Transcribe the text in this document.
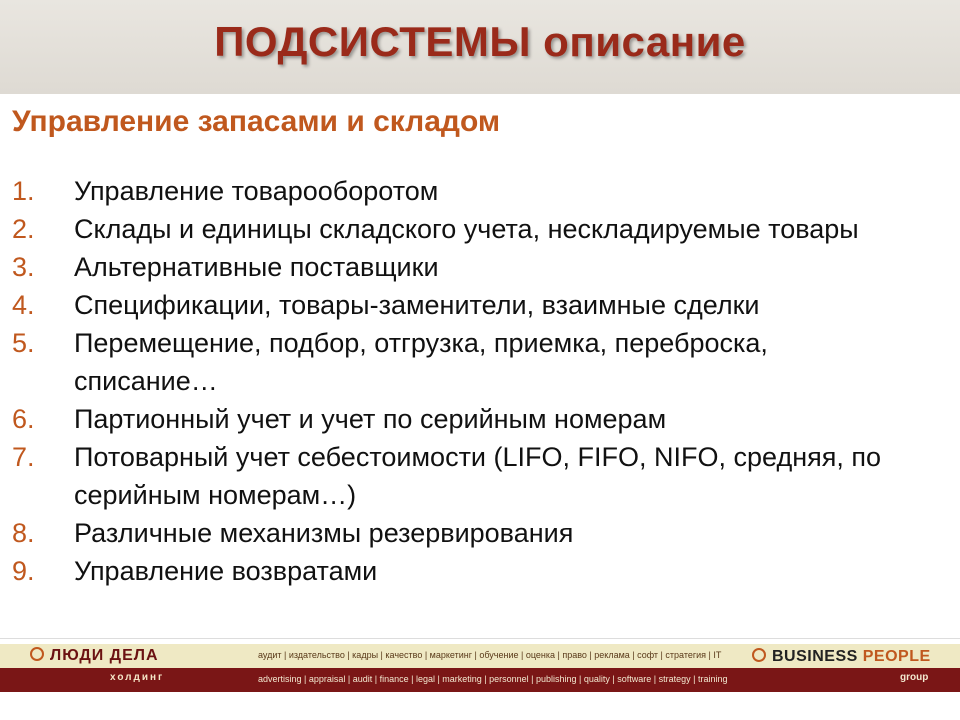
ПОДСИСТЕМЫ описание
Управление запасами и складом
1. Управление товарооборотом
2. Склады и единицы складского учета, нескладируемые товары
3. Альтернативные поставщики
4. Спецификации, товары-заменители, взаимные сделки
5. Перемещение, подбор, отгрузка, приемка, переброска, списание…
6. Партионный учет и учет по серийным номерам
7. Потоварный учет себестоимости (LIFO, FIFO, NIFO, средняя, по серийным номерам…)
8. Различные механизмы резервирования
9. Управление возвратами
ЛЮДИ ДЕЛА
холдинг
аудит | издательство | кадры | качество | маркетинг | обучение | оценка | право | реклама | софт | стратегия | IT
advertising | appraisal | audit | finance | legal | marketing | personnel | publishing | quality | software | strategy | training
BUSINESS PEOPLE
group
